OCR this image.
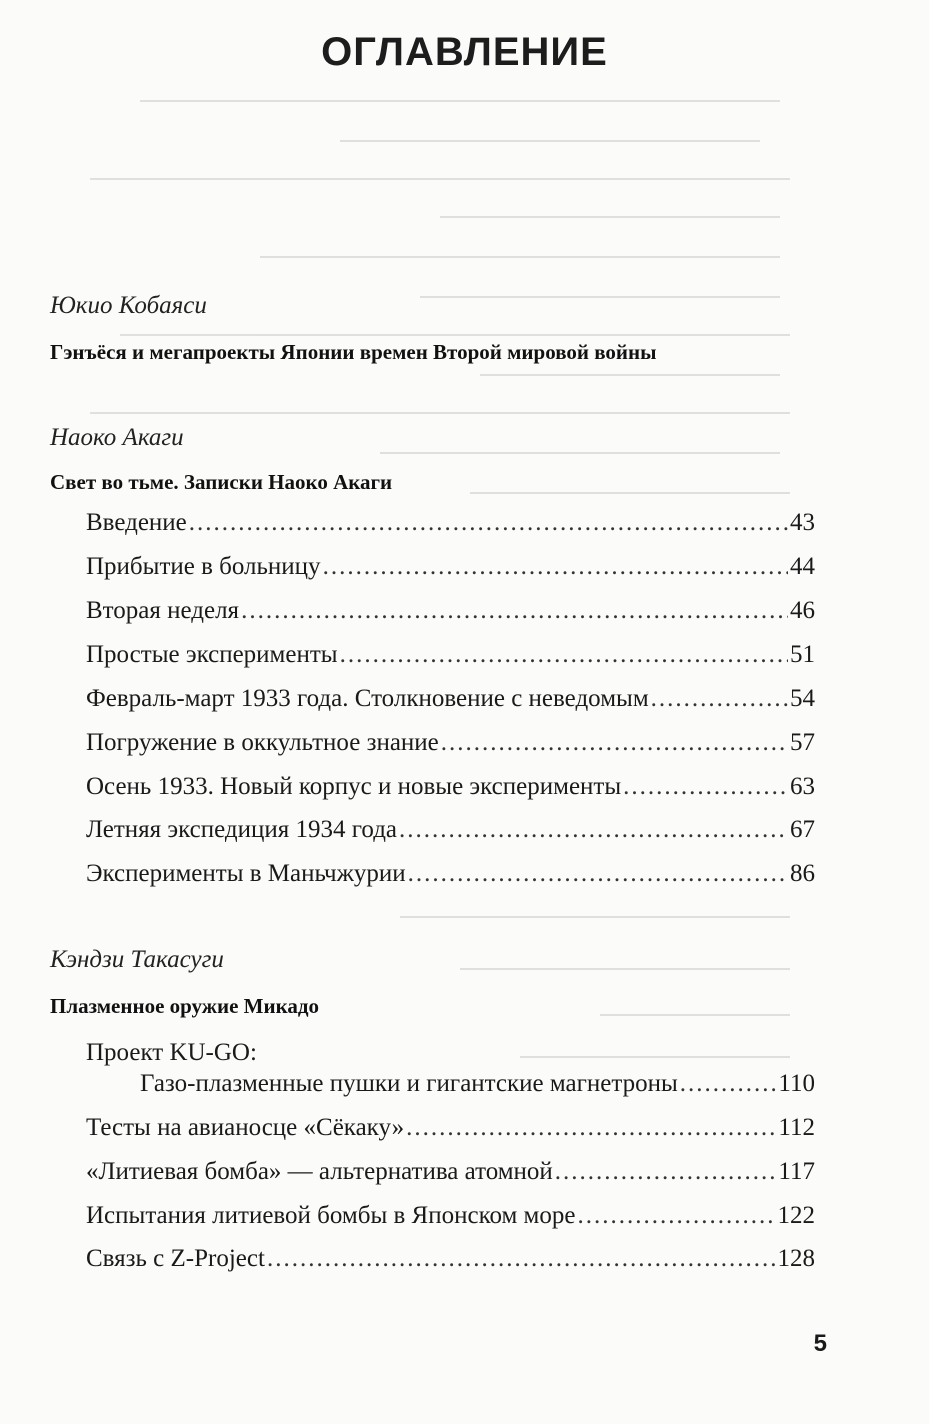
ОГЛАВЛЕНИЕ
Юкио Кобаяси
Гэнъёся и мегапроекты Японии времен Второй мировой войны
Наоко Акаги
Свет во тьме. Записки Наоко Акаги
Введение .....	43
Прибытие в больницу .....	44
Вторая неделя .....	46
Простые эксперименты .....	51
Февраль-март 1933 года. Столкновение с неведомым .....	54
Погружение в оккультное знание .....	57
Осень 1933. Новый корпус и новые эксперименты .....	63
Летняя экспедиция 1934 года .....	67
Эксперименты в Маньчжурии .....	86
Кэндзи Такасуги
Плазменное оружие Микадо
Проект KU-GO:
Газо-плазменные пушки и гигантские магнетроны .....	110
Тесты на авианосце «Сёкаку» .....	112
«Литиевая бомба» — альтернатива атомной .....	117
Испытания литиевой бомбы в Японском море .....	122
Связь с Z-Project .....	128
5
